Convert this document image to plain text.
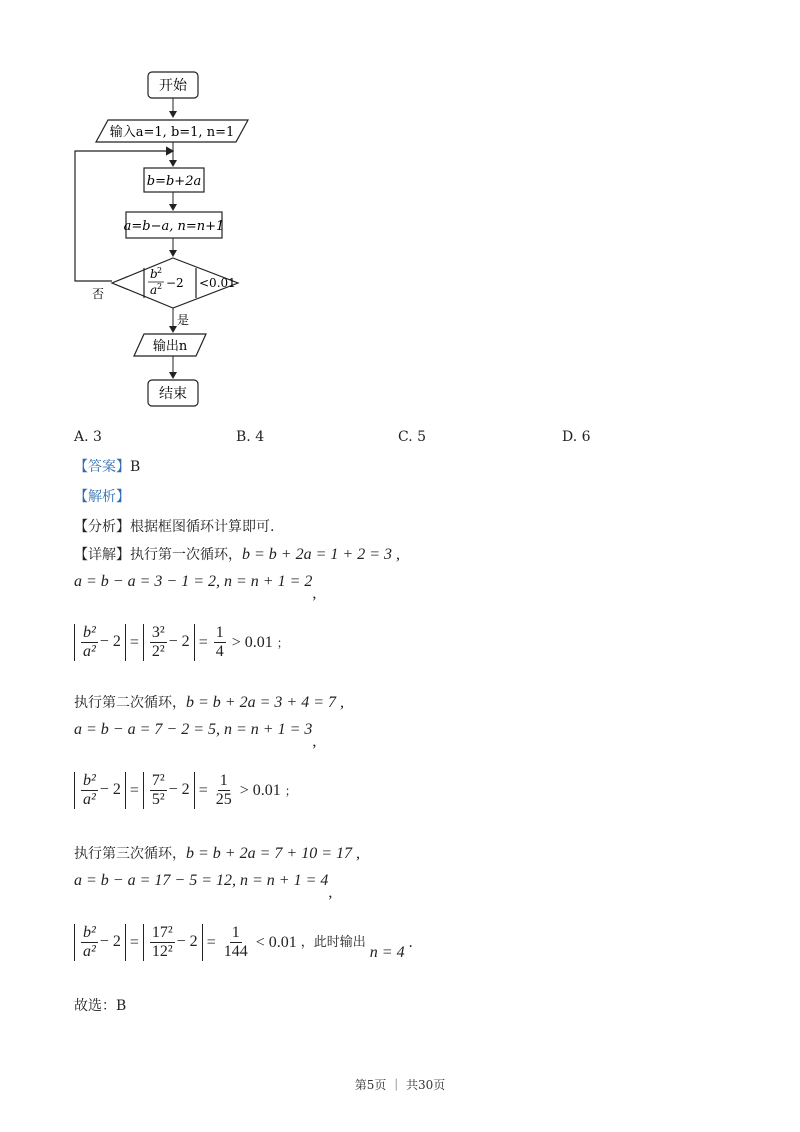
开始
输入a=1, b=1, n=1
b=b+2a
a=b−a, n=n+1
b 2
a 2 −2 <0.01
否
是
输出n
结束
A. 3	B. 4	C. 5	D. 6
【答案】B
【解析】
【分析】根据框图循环计算即可.
【详解】执行第一次循环，b = b + 2a = 1 + 2 = 3 ,
a = b − a = 3 − 1 = 2, n = n + 1 = 2,
$\frac{\text{b²}}{\text{a²}} - 2 = \frac{\text{3²}}{\text{2²}} - 2 = \frac{1}{4} > 0.01$ ；
执行第二次循环，b = b + 2a = 3 + 4 = 7 ,
a = b − a = 7 − 2 = 5, n = n + 1 = 3,
$\frac{\text{b²}}{\text{a²}} - 2 = \frac{\text{7²}}{\text{5²}} - 2 = \frac{1}{25} > 0.01$ ；
执行第三次循环，b = b + 2a = 7 + 10 = 17 ,
a = b − a = 17 − 5 = 12, n = n + 1 = 4,
$\frac{\text{b²}}{\text{a²}} - 2 = \frac{\text{17²}}{\text{12²}} - 2 = \frac{1}{144} < 0.01$ ，此时输出
n = 4
.
故选：B
第5页 ｜ 共30页
